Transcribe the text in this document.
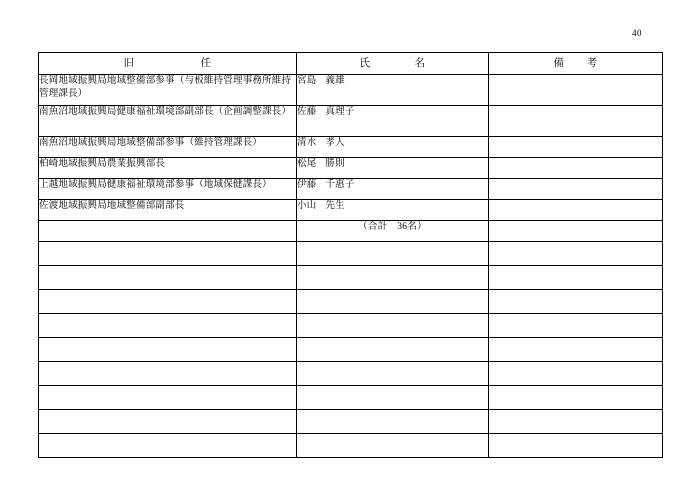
40
旧　　　　　　任	氏　　　　名	備　　考
長岡地域振興局地域整備部参事（与板維持管理事務所維持管理課長）	宮島 義雄	
南魚沼地域振興局健康福祉環境部副部長（企画調整課長）	佐藤 真理子	
南魚沼地域振興局地域整備部参事（維持管理課長）	清水 孝人	
柏崎地域振興局農業振興部長	松尾 勝則	
上越地域振興局健康福祉環境部参事（地域保健課長）	伊藤 千惠子	
佐渡地域振興局地域整備部副部長	小山 先生	
	（合計　36名）	
